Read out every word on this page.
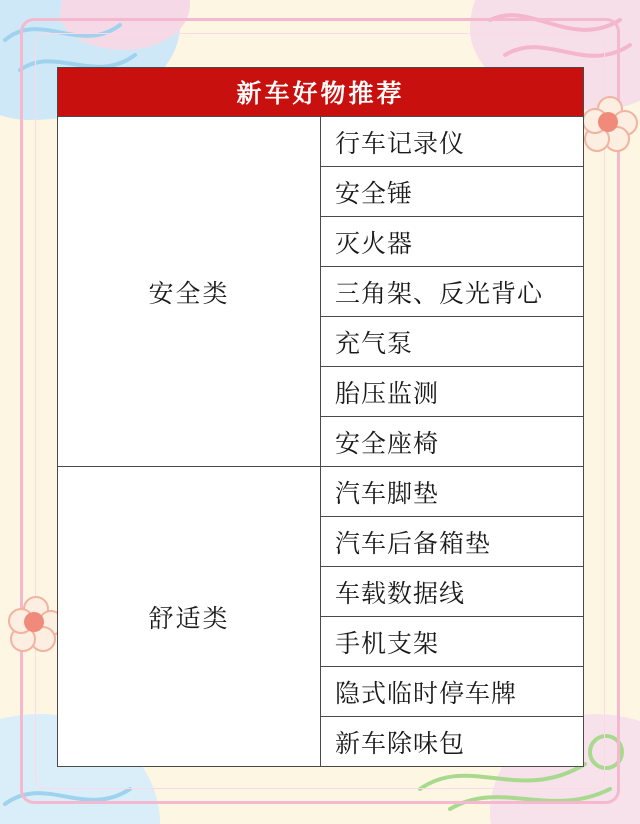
新车好物推荐	
安全类	行车记录仪
	安全锤
	灭火器
	三角架、反光背心
	充气泵
	胎压监测
	安全座椅
舒适类	汽车脚垫
	汽车后备箱垫
	车载数据线
	手机支架
	隐式临时停车牌
	新车除味包
